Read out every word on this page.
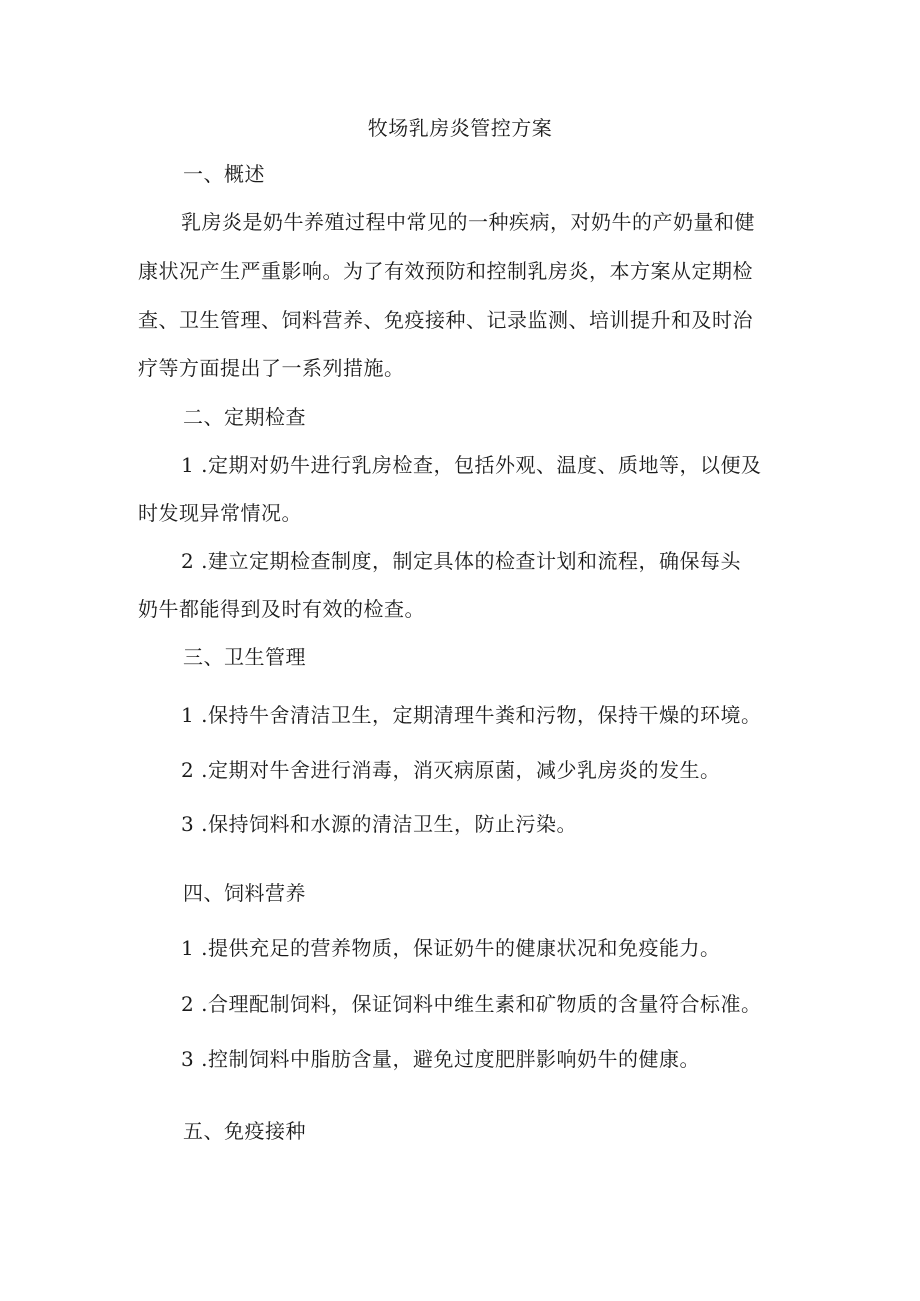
牧场乳房炎管控方案
一、概述
乳房炎是奶牛养殖过程中常见的一种疾病，对奶牛的产奶量和健
康状况产生严重影响。为了有效预防和控制乳房炎，本方案从定期检
查、卫生管理、饲料营养、免疫接种、记录监测、培训提升和及时治
疗等方面提出了一系列措施。
二、定期检查
1 .定期对奶牛进行乳房检查，包括外观、温度、质地等，以便及
时发现异常情况。
2 .建立定期检查制度，制定具体的检查计划和流程，确保每头
奶牛都能得到及时有效的检查。
三、卫生管理
1 .保持牛舍清洁卫生，定期清理牛粪和污物，保持干燥的环境。
2 .定期对牛舍进行消毒，消灭病原菌，减少乳房炎的发生。
3 .保持饲料和水源的清洁卫生，防止污染。
四、饲料营养
1 .提供充足的营养物质，保证奶牛的健康状况和免疫能力。
2 .合理配制饲料，保证饲料中维生素和矿物质的含量符合标准。
3 .控制饲料中脂肪含量，避免过度肥胖影响奶牛的健康。
五、免疫接种
